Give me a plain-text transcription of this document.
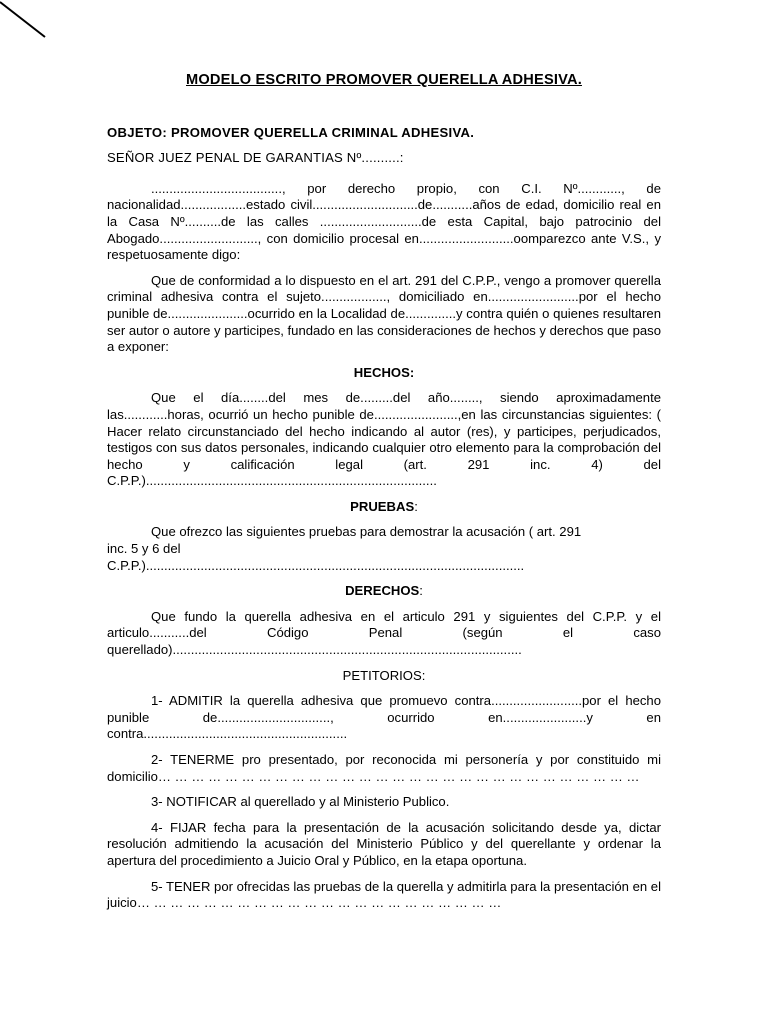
MODELO ESCRITO PROMOVER QUERELLA ADHESIVA.
OBJETO: PROMOVER QUERELLA CRIMINAL ADHESIVA.
SEÑOR JUEZ PENAL DE GARANTIAS Nº..........:

...................................., por derecho propio, con C.I. Nº............, de nacionalidad..................estado civil.............................de...........años de edad, domicilio real en la Casa Nº..........de las calles ............................de esta Capital, bajo patrocinio del Abogado..........................., con domicilio procesal en..........................oomparezco ante V.S., y respetuosamente digo:

Que de conformidad a lo dispuesto en el art. 291 del C.P.P., vengo a promover querella criminal adhesiva contra el sujeto.................., domiciliado en.........................por el hecho punible de......................ocurrido en la Localidad de..............y contra quién o quienes resultaren ser autor o autore y participes, fundado en las consideraciones de hechos y derechos que paso a exponer:

HECHOS:

Que el día........del mes de.........del año........, siendo aproximadamente las............horas, ocurrió un hecho punible de.......................,en las circunstancias siguientes: ( Hacer relato circunstanciado del hecho indicando al autor (res), y participes, perjudicados, testigos con sus datos personales, indicando cualquier otro elemento para la comprobación del hecho y calificación legal (art. 291 inc. 4) del C.P.P.)................................................................................

PRUEBAS:

Que ofrezco las siguientes pruebas para demostrar la acusación ( art. 291
inc. 5 y 6 del
C.P.P.)........................................................................................................

DERECHOS:

Que fundo la querella adhesiva en el articulo 291 y siguientes del C.P.P. y el articulo...........del Código Penal (según el caso querellado)................................................................................................

PETITORIOS:

1- ADMITIR la querella adhesiva que promuevo contra.........................por el hecho punible de..............................., ocurrido en.......................y en contra........................................................

2- TENERME pro presentado, por reconocida mi personería y por constituido mi domicilio… … … … … … … … … … … … … … … … … … … … … … … … … … … … …

3- NOTIFICAR al querellado y al Ministerio Publico.

4- FIJAR fecha para la presentación de la acusación solicitando desde ya, dictar resolución admitiendo la acusación del Ministerio Público y del querellante y ordenar la apertura del procedimiento a Juicio Oral y Público, en la etapa oportuna.

5- TENER por ofrecidas las pruebas de la querella y admitirla para la presentación en el juicio… … … … … … … … … … … … … … … … … … … … … …
